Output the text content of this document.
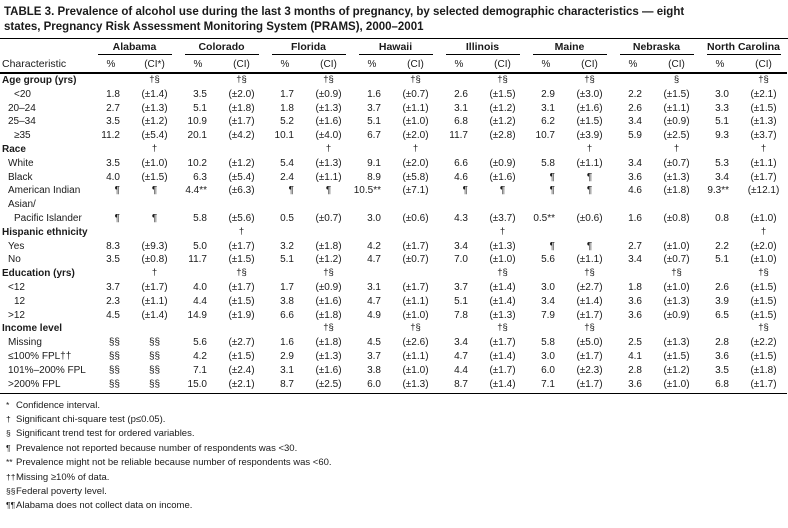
TABLE 3. Prevalence of alcohol use during the last 3 months of pregnancy, by selected demographic characteristics — eight
states, Pregnancy Risk Assessment Monitoring System (PRAMS), 2000–2001
	Alabama		Colorado		Florida		Hawaii		Illinois		Maine		Nebraska		North Carolina	
Characteristic	%	(CI*)	%	(CI)	%	(CI)	%	(CI)	%	(CI)	%	(CI)	%	(CI)	%	(CI)
Age group (yrs)		†§		†§		†§		†§		†§		†§		§		†§
<20	1.8	(±1.4)	3.5	(±2.0)	1.7	(±0.9)	1.6	(±0.7)	2.6	(±1.5)	2.9	(±3.0)	2.2	(±1.5)	3.0	(±2.1)
20–24	2.7	(±1.3)	5.1	(±1.8)	1.8	(±1.3)	3.7	(±1.1)	3.1	(±1.2)	3.1	(±1.6)	2.6	(±1.1)	3.3	(±1.5)
25–34	3.5	(±1.2)	10.9	(±1.7)	5.2	(±1.6)	5.1	(±1.0)	6.8	(±1.2)	6.2	(±1.5)	3.4	(±0.9)	5.1	(±1.3)
≥35	11.2	(±5.4)	20.1	(±4.2)	10.1	(±4.0)	6.7	(±2.0)	11.7	(±2.8)	10.7	(±3.9)	5.9	(±2.5)	9.3	(±3.7)
Race		†				†		†				†		†		†
White	3.5	(±1.0)	10.2	(±1.2)	5.4	(±1.3)	9.1	(±2.0)	6.6	(±0.9)	5.8	(±1.1)	3.4	(±0.7)	5.3	(±1.1)
Black	4.0	(±1.5)	6.3	(±5.4)	2.4	(±1.1)	8.9	(±5.8)	4.6	(±1.6)	¶	¶	3.6	(±1.3)	3.4	(±1.7)
American Indian	¶	¶	4.4**	(±6.3)	¶	¶	10.5**	(±7.1)	¶	¶	¶	¶	4.6	(±1.8)	9.3**	(±12.1)
Asian/																
Pacific Islander	¶	¶	5.8	(±5.6)	0.5	(±0.7)	3.0	(±0.6)	4.3	(±3.7)	0.5**	(±0.6)	1.6	(±0.8)	0.8	(±1.0)
Hispanic ethnicity				†						†						†
Yes	8.3	(±9.3)	5.0	(±1.7)	3.2	(±1.8)	4.2	(±1.7)	3.4	(±1.3)	¶	¶	2.7	(±1.0)	2.2	(±2.0)
No	3.5	(±0.8)	11.7	(±1.5)	5.1	(±1.2)	4.7	(±0.7)	7.0	(±1.0)	5.6	(±1.1)	3.4	(±0.7)	5.1	(±1.0)
Education (yrs)		†		†§		†§				†§		†§		†§		†§
<12	3.7	(±1.7)	4.0	(±1.7)	1.7	(±0.9)	3.1	(±1.7)	3.7	(±1.4)	3.0	(±2.7)	1.8	(±1.0)	2.6	(±1.5)
12	2.3	(±1.1)	4.4	(±1.5)	3.8	(±1.6)	4.7	(±1.1)	5.1	(±1.4)	3.4	(±1.4)	3.6	(±1.3)	3.9	(±1.5)
>12	4.5	(±1.4)	14.9	(±1.9)	6.6	(±1.8)	4.9	(±1.0)	7.8	(±1.3)	7.9	(±1.7)	3.6	(±0.9)	6.5	(±1.5)
Income level						†§		†§		†§		†§				†§
Missing	§§	§§	5.6	(±2.7)	1.6	(±1.8)	4.5	(±2.6)	3.4	(±1.7)	5.8	(±5.0)	2.5	(±1.3)	2.8	(±2.2)
≤100% FPL††	§§	§§	4.2	(±1.5)	2.9	(±1.3)	3.7	(±1.1)	4.7	(±1.4)	3.0	(±1.7)	4.1	(±1.5)	3.6	(±1.5)
101%–200% FPL	§§	§§	7.1	(±2.4)	3.1	(±1.6)	3.8	(±1.0)	4.4	(±1.7)	6.0	(±2.3)	2.8	(±1.2)	3.5	(±1.8)
>200% FPL	§§	§§	15.0	(±2.1)	8.7	(±2.5)	6.0	(±1.3)	8.7	(±1.4)	7.1	(±1.7)	3.6	(±1.0)	6.8	(±1.7)
* Confidence interval.
† Significant chi-square test (p≤0.05).
§ Significant trend test for ordered variables.
¶ Prevalence not reported because number of respondents was <30.
** Prevalence might not be reliable because number of respondents was <60.
††Missing ≥10% of data.
§§Federal poverty level.
¶¶Alabama does not collect data on income.
